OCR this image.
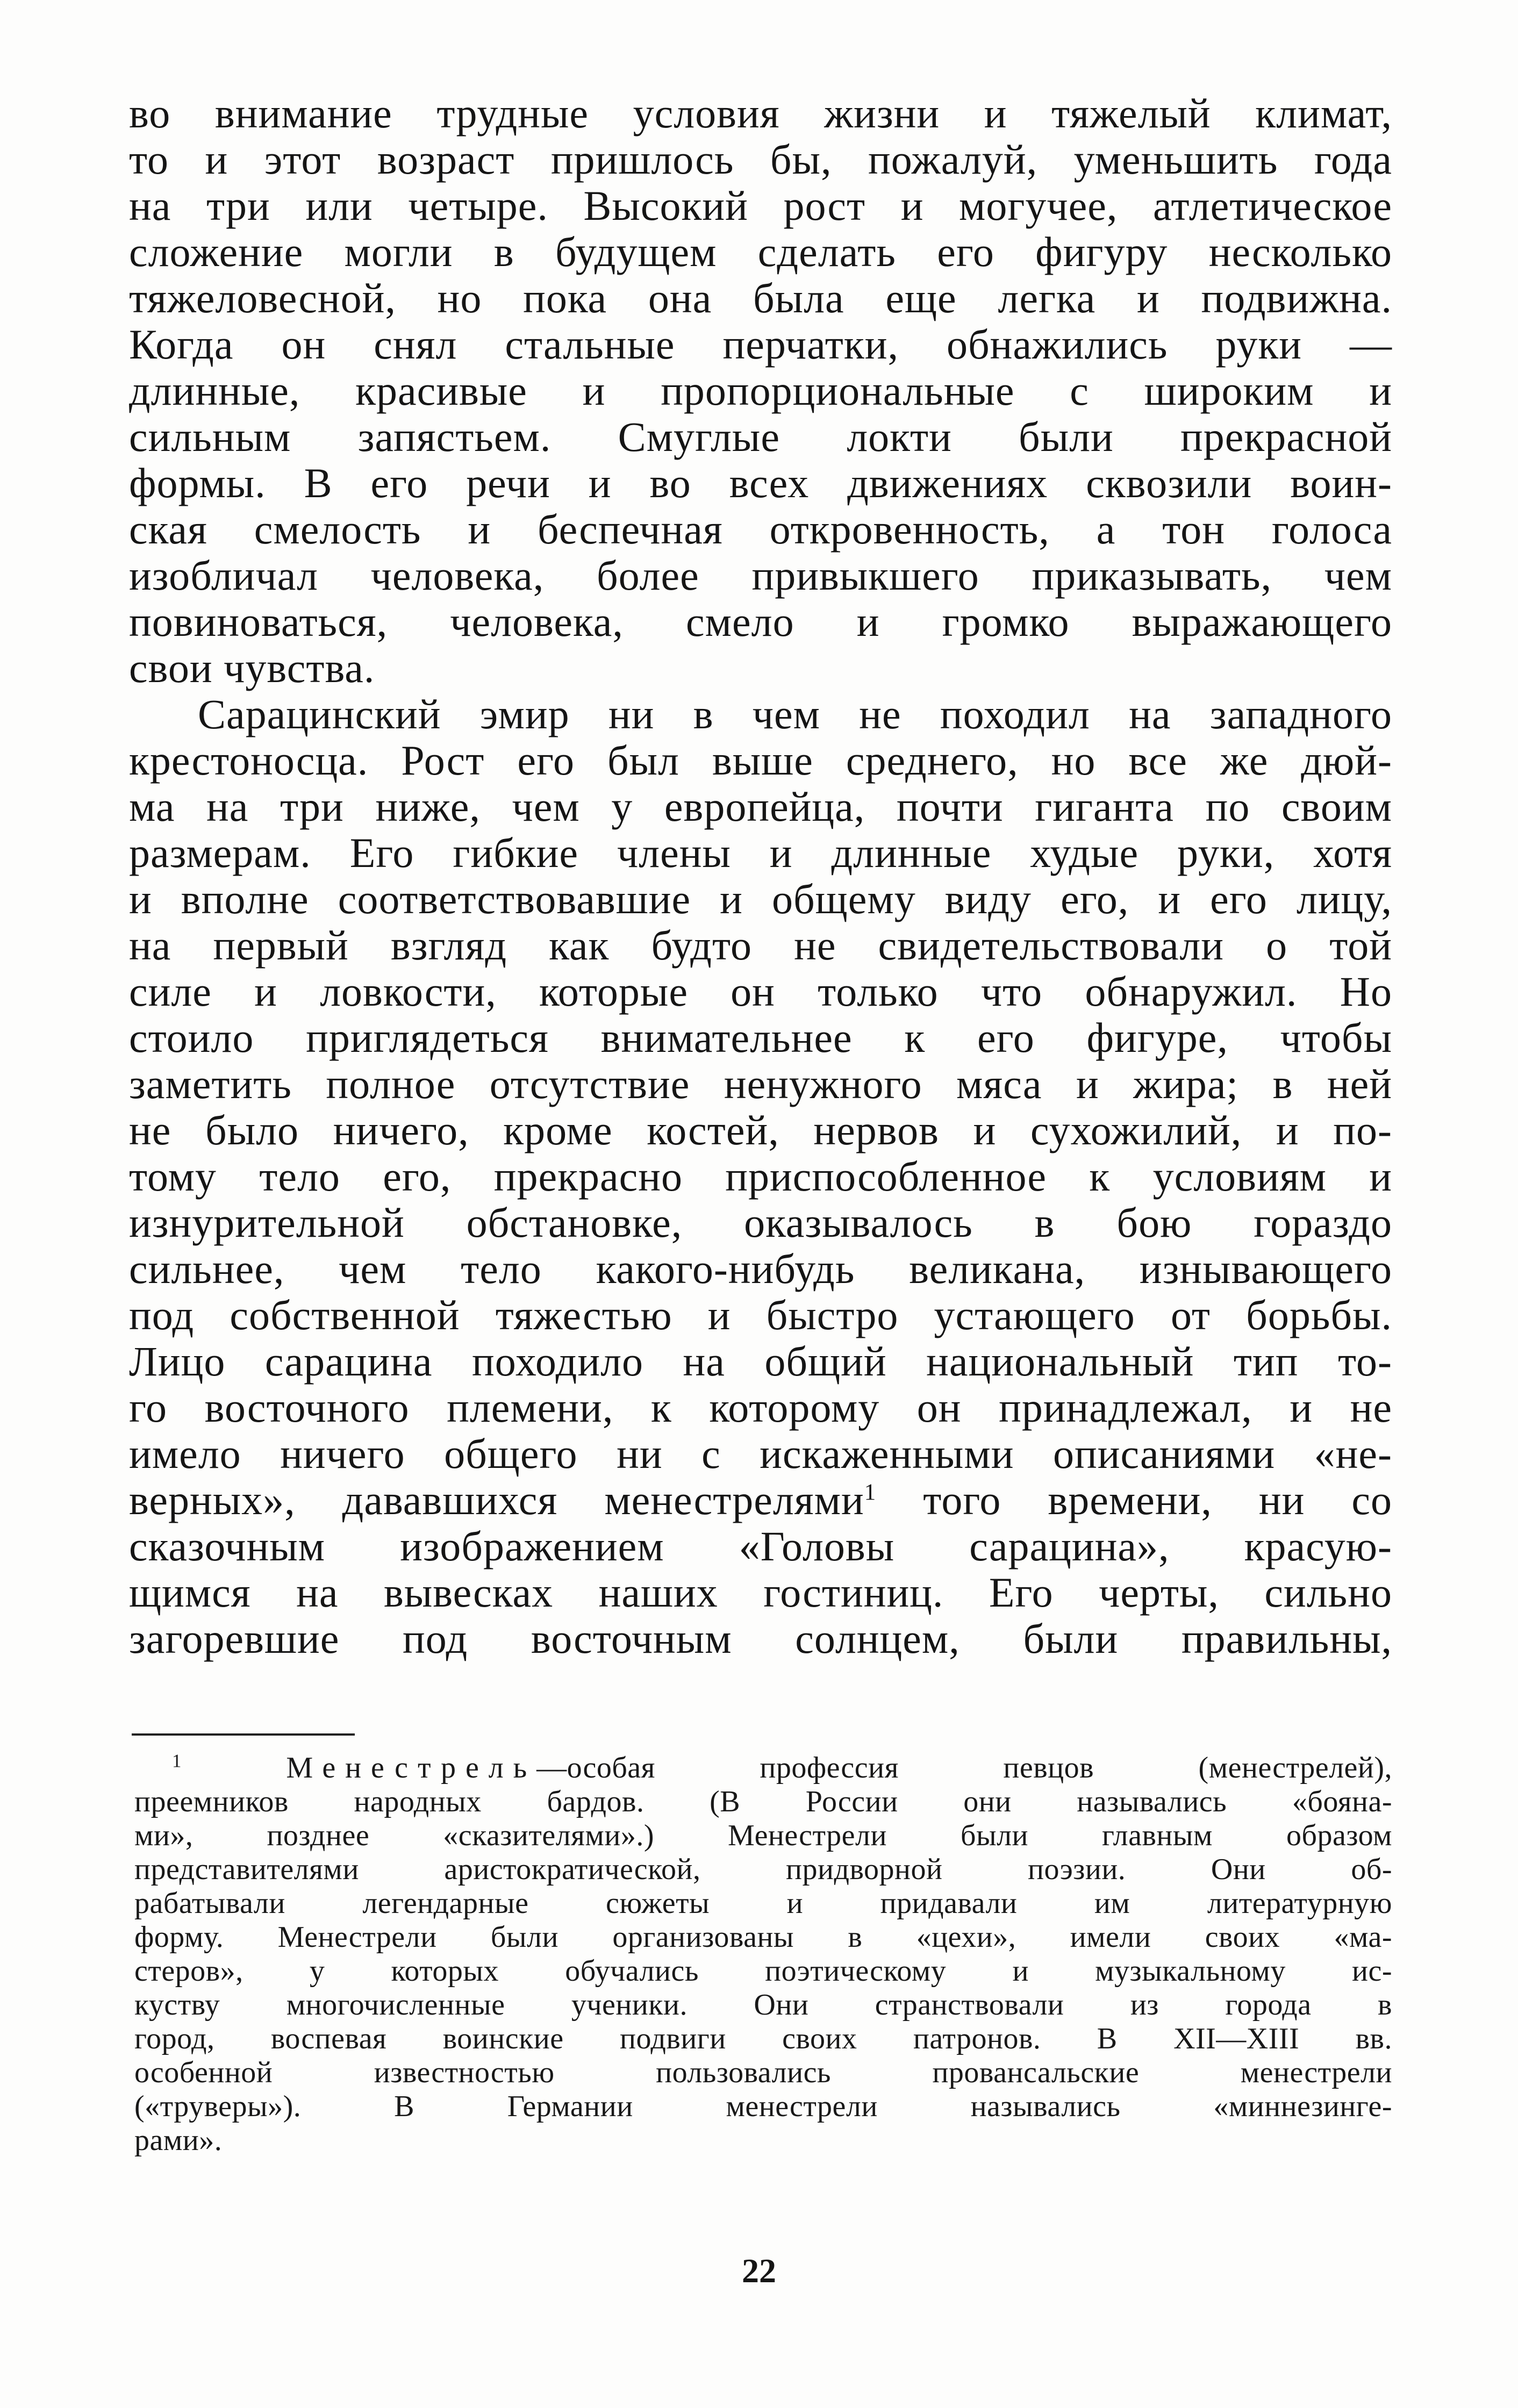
во внимание трудные условия жизни и тяжелый климат,
то и этот возраст пришлось бы, пожалуй, уменьшить года
на три или четыре. Высокий рост и могучее, атлетическое
сложение могли в будущем сделать его фигуру несколько
тяжеловесной, но пока она была еще легка и подвижна.
Когда он снял стальные перчатки, обнажились руки —
длинные, красивые и пропорциональные с широким и
сильным запястьем. Смуглые локти были прекрасной
формы. В его речи и во всех движениях сквозили воин-
ская смелость и беспечная откровенность, а тон голоса
изобличал человека, более привыкшего приказывать, чем
повиноваться, человека, смело и громко выражающего
свои чувства.
Сарацинский эмир ни в чем не походил на западного
крестоносца. Рост его был выше среднего, но все же дюй-
ма на три ниже, чем у европейца, почти гиганта по своим
размерам. Его гибкие члены и длинные худые руки, хотя
и вполне соответствовавшие и общему виду его, и его лицу,
на первый взгляд как будто не свидетельствовали о той
силе и ловкости, которые он только что обнаружил. Но
стоило приглядеться внимательнее к его фигуре, чтобы
заметить полное отсутствие ненужного мяса и жира; в ней
не было ничего, кроме костей, нервов и сухожилий, и по-
тому тело его, прекрасно приспособленное к условиям и
изнурительной обстановке, оказывалось в бою гораздо
сильнее, чем тело какого-нибудь великана, изнывающего
под собственной тяжестью и быстро устающего от борьбы.
Лицо сарацина походило на общий национальный тип то-
го восточного племени, к которому он принадлежал, и не
имело ничего общего ни с искаженными описаниями «не-
верных», дававшихся менестрелями$^1$ того времени, ни со
сказочным изображением «Головы сарацина», красую-
щимся на вывесках наших гостиниц. Его черты, сильно
загоревшие под восточным солнцем, были правильны,
$^1$	Менестрель—особая профессия певцов (менестрелей),
преемников народных бардов. (В России они назывались «бояна-
ми», позднее «сказителями».) Менестрели были главным образом
представителями аристократической, придворной поэзии. Они об-
рабатывали легендарные сюжеты и придавали им литературную
форму. Менестрели были организованы в «цехи», имели своих «ма-
стеров», у которых обучались поэтическому и музыкальному ис-
куству многочисленные ученики. Они странствовали из города в
город, воспевая воинские подвиги своих патронов. В XII—XIII вв.
особенной известностью пользовались провансальские менестрели
(«труверы»). В Германии менестрели назывались «миннезинге-
рами».
22
